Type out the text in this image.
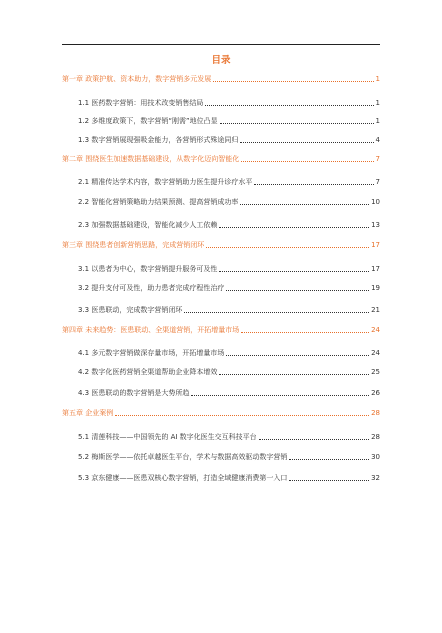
目录
第一章 政策护航、资本助力，数字营销多元发展	1
1.1 医药数字营销：用技术改变销售结局	1
1.2 多维度政策下，数字营销“刚需”地位凸显	1
1.3 数字营销展现强吸金能力，各营销形式殊途同归	4
第二章 围绕医生加速数据基础建设，从数字化迈向智能化	7
2.1 精准传达学术内容，数字营销助力医生提升诊疗水平	7
2.2 智能化营销策略助力结果预测、提高营销成功率	10
2.3 加强数据基础建设，智能化减少人工依赖	13
第三章 围绕患者创新营销思路，完成营销闭环	17
3.1 以患者为中心，数字营销提升服务可及性	17
3.2 提升支付可及性，助力患者完成疗程性治疗	19
3.3 医患联动，完成数字营销闭环	21
第四章 未来趋势：医患联动、全渠道营销，开拓增量市场	24
4.1 多元数字营销做深存量市场，开拓增量市场	24
4.2 数字化医药营销全渠道帮助企业降本增效	25
4.3 医患联动的数字营销是大势所趋	26
第五章 企业案例	28
5.1 清莲科技——中国领先的 AI 数字化医生交互科技平台	28
5.2 梅斯医学——依托卓越医生平台，学术与数据高效驱动数字营销	30
5.3 京东健康——医患双核心数字营销，打造全域健康消费第一入口	32
